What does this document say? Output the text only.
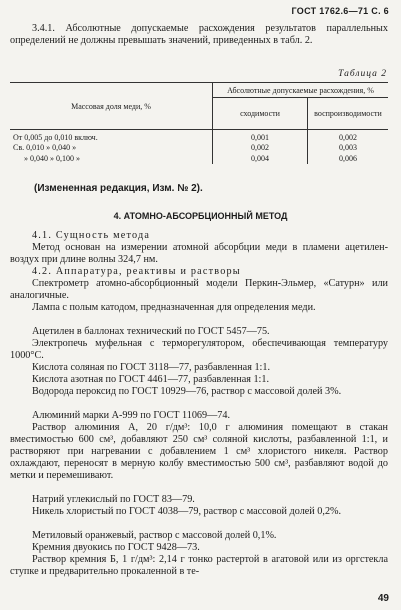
ГОСТ 1762.6—71 С. 6
3.4.1. Абсолютные допускаемые расхождения результатов параллельных определений не должны превышать значений, приведенных в табл. 2.
Таблица 2
Массовая доля меди, %	Абсолютные допускаемые расхождения, %	
	сходимости	воспроизводимости
От 0,005 до 0,010 включ.	0,001	0,002
Св. 0,010 » 0,040 »	0,002	0,003
» 0,040 » 0,100 »	0,004	0,006
(Измененная редакция, Изм. № 2).
4. АТОМНО-АБСОРБЦИОННЫЙ МЕТОД
4.1. Сущность метода
Метод основан на измерении атомной абсорбции меди в пламени ацетилен-воздух при длине волны 324,7 нм.
4.2. Аппаратура, реактивы и растворы
Спектрометр атомно-абсорбционный модели Перкин-Эльмер, «Сатурн» или аналогичные.
Лампа с полым катодом, предназначенная для определения меди.
Ацетилен в баллонах технический по ГОСТ 5457—75.
Электропечь муфельная с терморегулятором, обеспечивающая температуру 1000°С.
Кислота соляная по ГОСТ 3118—77, разбавленная 1:1.
Кислота азотная по ГОСТ 4461—77, разбавленная 1:1.
Водорода пероксид по ГОСТ 10929—76, раствор с массовой долей 3%.
Алюминий марки А-999 по ГОСТ 11069—74.
Раствор алюминия А, 20 г/дм³: 10,0 г алюминия помещают в стакан вместимостью 600 см³, добавляют 250 см³ соляной кислоты, разбавленной 1:1, и растворяют при нагревании с добавлением 1 см³ хлористого никеля. Раствор охлаждают, переносят в мерную колбу вместимостью 500 см³, разбавляют водой до метки и перемешивают.
Натрий углекислый по ГОСТ 83—79.
Никель хлористый по ГОСТ 4038—79, раствор с массовой долей 0,2%.
Метиловый оранжевый, раствор с массовой долей 0,1%.
Кремния двуокись по ГОСТ 9428—73.
Раствор кремния Б, 1 г/дм³: 2,14 г тонко растертой в агатовой или из оргстекла ступке и предварительно прокаленной в те-
49
